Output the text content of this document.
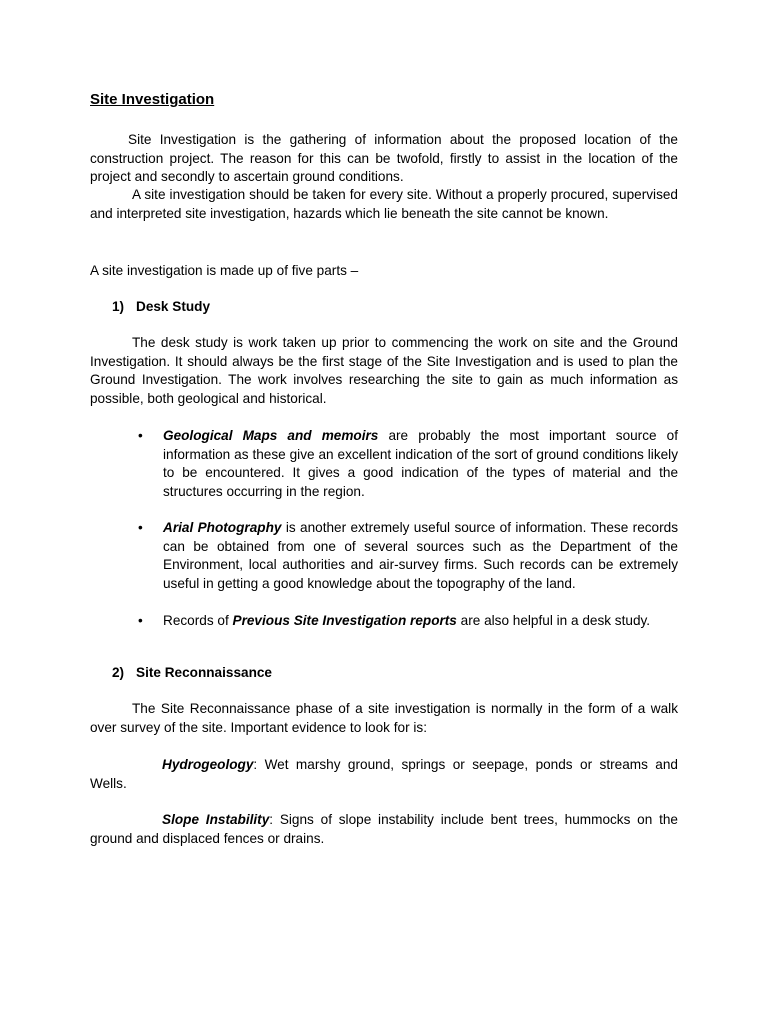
Site Investigation
Site Investigation is the gathering of information about the proposed location of the construction project. The reason for this can be twofold, firstly to assist in the location of the project and secondly to ascertain ground conditions.
A site investigation should be taken for every site. Without a properly procured, supervised and interpreted site investigation, hazards which lie beneath the site cannot be known.
A site investigation is made up of five parts –
1) Desk Study
The desk study is work taken up prior to commencing the work on site and the Ground Investigation. It should always be the first stage of the Site Investigation and is used to plan the Ground Investigation. The work involves researching the site to gain as much information as possible, both geological and historical.
•	Geological Maps and memoirs are probably the most important source of information as these give an excellent indication of the sort of ground conditions likely to be encountered. It gives a good indication of the types of material and the structures occurring in the region.
•	Arial Photography is another extremely useful source of information. These records can be obtained from one of several sources such as the Department of the Environment, local authorities and air-survey firms. Such records can be extremely useful in getting a good knowledge about the topography of the land.
•	Records of Previous Site Investigation reports are also helpful in a desk study.
2) Site Reconnaissance
The Site Reconnaissance phase of a site investigation is normally in the form of a walk over survey of the site. Important evidence to look for is:
Hydrogeology: Wet marshy ground, springs or seepage, ponds or streams and Wells.
Slope Instability: Signs of slope instability include bent trees, hummocks on the ground and displaced fences or drains.
